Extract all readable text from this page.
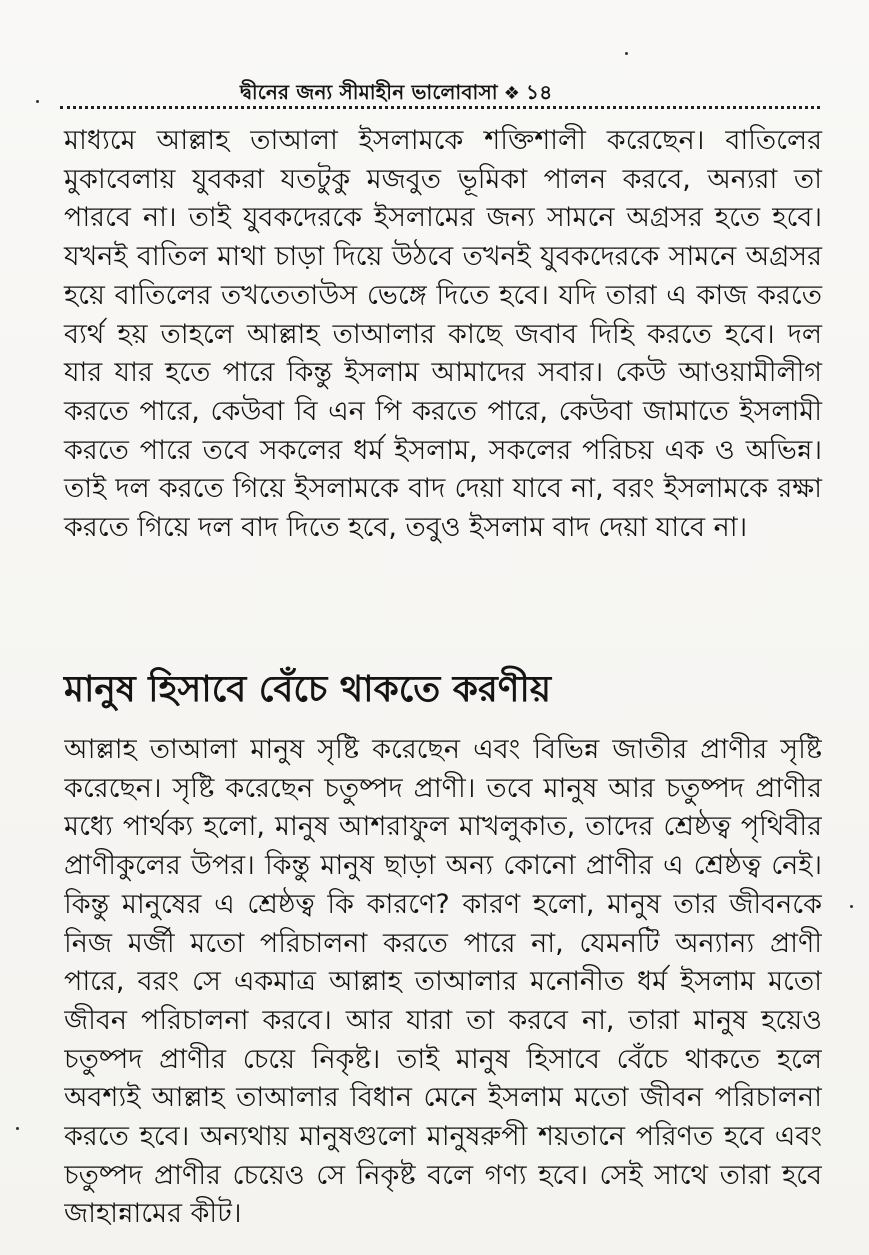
দ্বীনের জন্য সীমাহীন ভালোবাসা ❖ ১৪

মাধ্যমে আল্লাহ তাআলা ইসলামকে শক্তিশালী করেছেন। বাতিলের মুকাবেলায় যুবকরা যতটুকু মজবুত ভূমিকা পালন করবে, অন্যরা তা পারবে না। তাই যুবকদেরকে ইসলামের জন্য সামনে অগ্রসর হতে হবে। যখনই বাতিল মাথা চাড়া দিয়ে উঠবে তখনই যুবকদেরকে সামনে অগ্রসর হয়ে বাতিলের তখতেতাউস ভেঙ্গে দিতে হবে। যদি তারা এ কাজ করতে ব্যর্থ হয় তাহলে আল্লাহ তাআলার কাছে জবাব দিহি করতে হবে। দল যার যার হতে পারে কিন্তু ইসলাম আমাদের সবার। কেউ আওয়ামীলীগ করতে পারে, কেউবা বি এন পি করতে পারে, কেউবা জামাতে ইসলামী করতে পারে তবে সকলের ধর্ম ইসলাম, সকলের পরিচয় এক ও অভিন্ন। তাই দল করতে গিয়ে ইসলামকে বাদ দেয়া যাবে না, বরং ইসলামকে রক্ষা করতে গিয়ে দল বাদ দিতে হবে, তবুও ইসলাম বাদ দেয়া যাবে না।

মানুষ হিসাবে বেঁচে থাকতে করণীয়

আল্লাহ তাআলা মানুষ সৃষ্টি করেছেন এবং বিভিন্ন জাতীর প্রাণীর সৃষ্টি করেছেন। সৃষ্টি করেছেন চতুষ্পদ প্রাণী। তবে মানুষ আর চতুষ্পদ প্রাণীর মধ্যে পার্থক্য হলো, মানুষ আশরাফুল মাখলুকাত, তাদের শ্রেষ্ঠত্ব পৃথিবীর প্রাণীকুলের উপর। কিন্তু মানুষ ছাড়া অন্য কোনো প্রাণীর এ শ্রেষ্ঠত্ব নেই। কিন্তু মানুষের এ শ্রেষ্ঠত্ব কি কারণে? কারণ হলো, মানুষ তার জীবনকে নিজ মর্জী মতো পরিচালনা করতে পারে না, যেমনটি অন্যান্য প্রাণী পারে, বরং সে একমাত্র আল্লাহ তাআলার মনোনীত ধর্ম ইসলাম মতো জীবন পরিচালনা করবে। আর যারা তা করবে না, তারা মানুষ হয়েও চতুষ্পদ প্রাণীর চেয়ে নিকৃষ্ট। তাই মানুষ হিসাবে বেঁচে থাকতে হলে অবশ্যই আল্লাহ তাআলার বিধান মেনে ইসলাম মতো জীবন পরিচালনা করতে হবে। অন্যথায় মানুষগুলো মানুষরুপী শয়তানে পরিণত হবে এবং চতুষ্পদ প্রাণীর চেয়েও সে নিকৃষ্ট বলে গণ্য হবে। সেই সাথে তারা হবে জাহান্নামের কীট।
